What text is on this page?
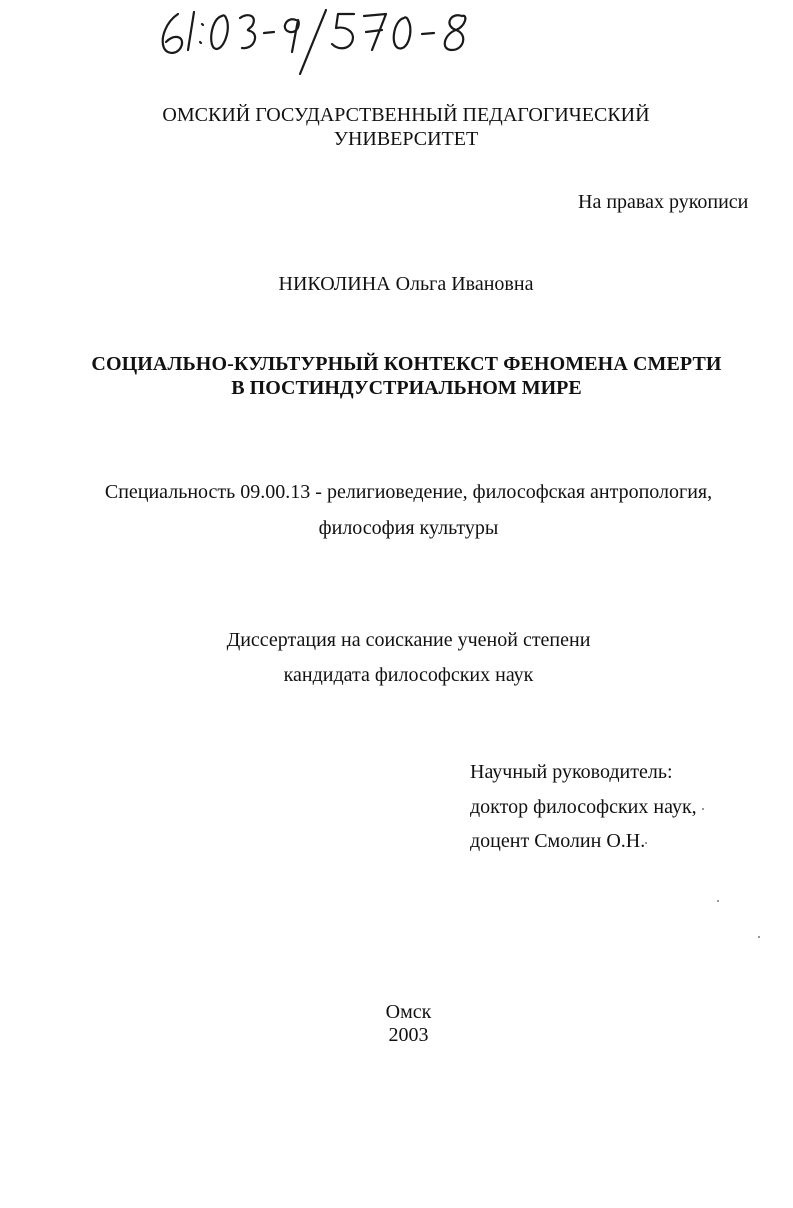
ОМСКИЙ ГОСУДАРСТВЕННЫЙ ПЕДАГОГИЧЕСКИЙ
УНИВЕРСИТЕТ
На правах рукописи
НИКОЛИНА Ольга Ивановна
СОЦИАЛЬНО-КУЛЬТУРНЫЙ КОНТЕКСТ ФЕНОМЕНА СМЕРТИ
В ПОСТИНДУСТРИАЛЬНОМ МИРЕ
Специальность 09.00.13 - религиоведение, философская антропология,
философия культуры
Диссертация на соискание ученой степени
кандидата философских наук
Научный руководитель:
доктор философских наук,
доцент Смолин О.Н.
Омск
2003
